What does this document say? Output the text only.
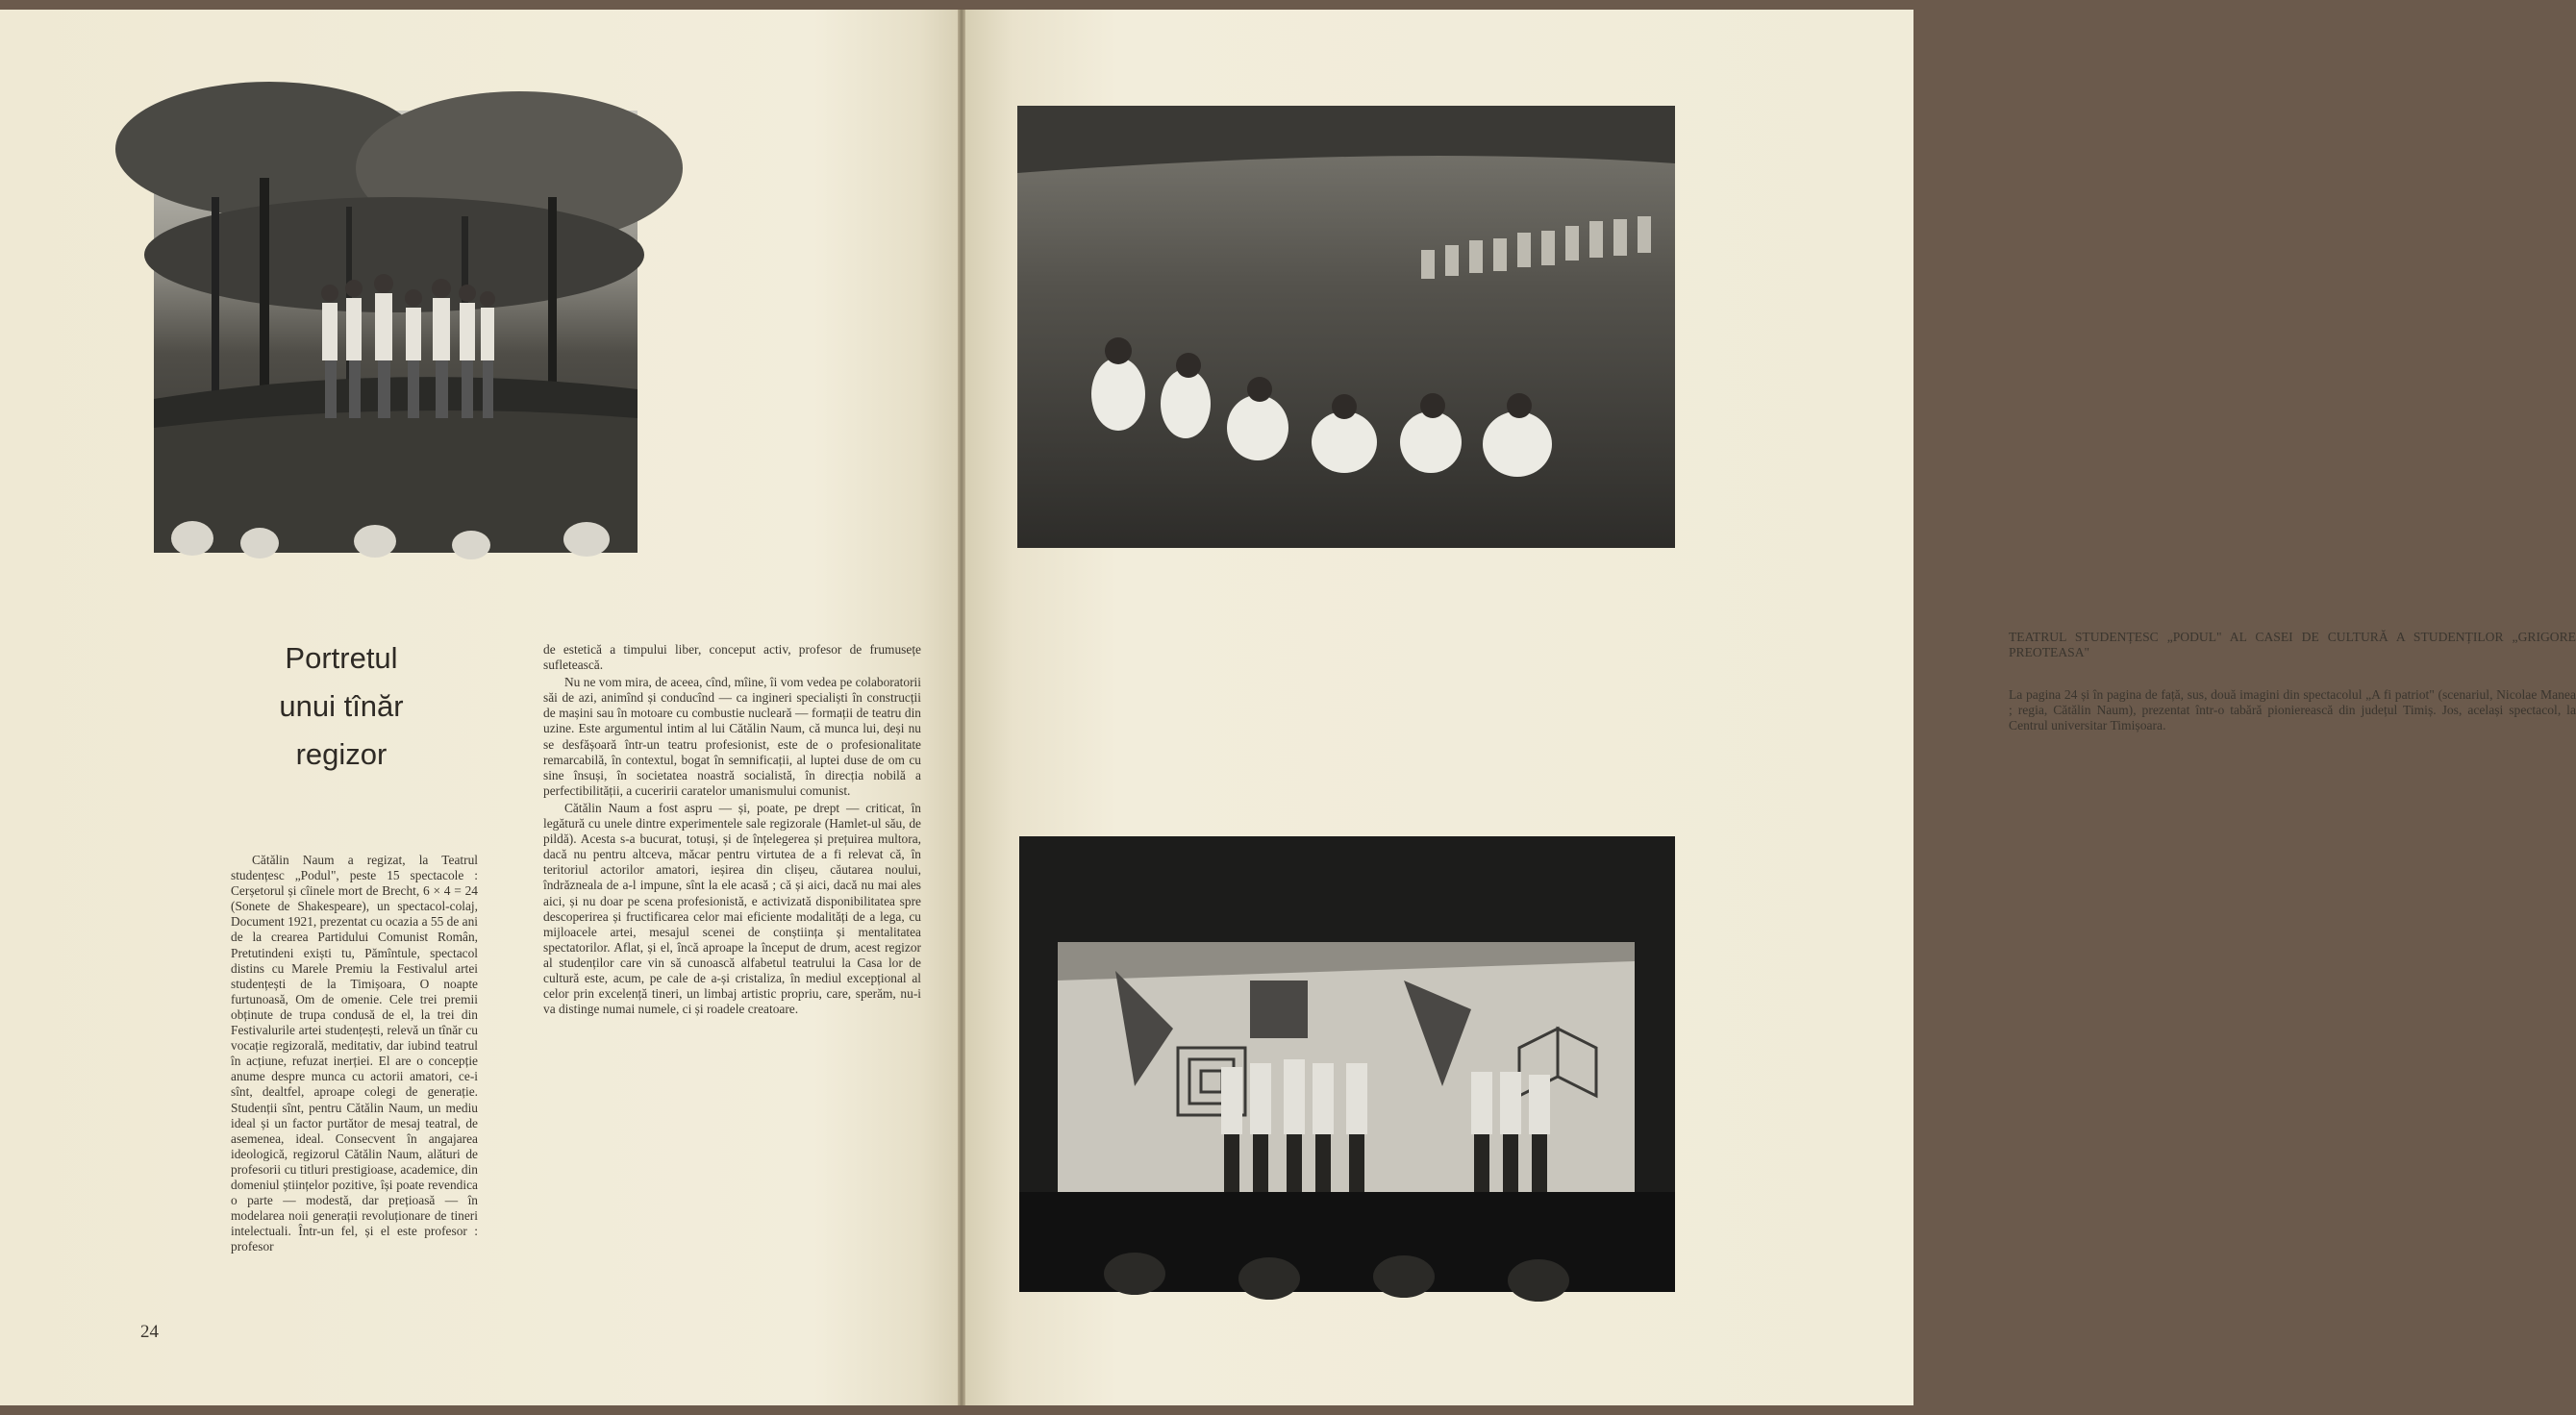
Portretul
unui tînăr
regizor

Cătălin Naum a regizat, la Teatrul studențesc „Podul", peste 15 spectacole : Cerșetorul și cîinele mort de Brecht, 6 × 4 = 24 (Sonete de Shakespeare), un spectacol-colaj, Document 1921, prezentat cu ocazia a 55 de ani de la crearea Partidului Comunist Român, Pretutindeni exiști tu, Pămîntule, spectacol distins cu Marele Premiu la Festivalul artei studențești de la Timișoara, O noapte furtunoasă, Om de omenie. Cele trei premii obținute de trupa condusă de el, la trei din Festivalurile artei studențești, relevă un tînăr cu vocație regizorală, meditativ, dar iubind teatrul în acțiune, refuzat inerției. El are o concepție anume despre munca cu actorii amatori, ce-i sînt, dealtfel, aproape colegi de generație. Studenții sînt, pentru Cătălin Naum, un mediu ideal și un factor purtător de mesaj teatral, de asemenea, ideal. Consecvent în angajarea ideologică, regizorul Cătălin Naum, alături de profesorii cu titluri prestigioase, academice, din domeniul științelor pozitive, își poate revendica o parte — modestă, dar prețioasă — în modelarea noii generații revoluționare de tineri intelectuali. Într-un fel, și el este profesor : profesor

de estetică a timpului liber, conceput activ, profesor de frumusețe sufletească.

Nu ne vom mira, de aceea, cînd, mîine, îi vom vedea pe colaboratorii săi de azi, animînd și conducînd — ca ingineri specialiști în construcții de mașini sau în motoare cu combustie nucleară — formații de teatru din uzine. Este argumentul intim al lui Cătălin Naum, că munca lui, deși nu se desfășoară într-un teatru profesionist, este de o profesionalitate remarcabilă, în contextul, bogat în semnificații, al luptei duse de om cu sine însuși, în societatea noastră socialistă, în direcția nobilă a perfectibilității, a cuceririi caratelor umanismului comunist.

Cătălin Naum a fost aspru — și, poate, pe drept — criticat, în legătură cu unele dintre experimentele sale regizorale (Hamlet-ul său, de pildă). Acesta s-a bucurat, totuși, și de înțelegerea și prețuirea multora, dacă nu pentru altceva, măcar pentru virtutea de a fi relevat că, în teritoriul actorilor amatori, ieșirea din clișeu, căutarea noului, îndrăzneala de a-l impune, sînt la ele acasă ; că și aici, dacă nu mai ales aici, și nu doar pe scena profesionistă, e activizată disponibilitatea spre descoperirea și fructificarea celor mai eficiente modalități de a lega, cu mijloacele artei, mesajul scenei de conștiința și mentalitatea spectatorilor. Aflat, și el, încă aproape la început de drum, acest regizor al studenților care vin să cunoască alfabetul teatrului la Casa lor de cultură este, acum, pe cale de a-și cristaliza, în mediul excepțional al celor prin excelență tineri, un limbaj artistic propriu, care, sperăm, nu-i va distinge numai numele, ci și roadele creatoare.

24
TEATRUL STUDENȚESC „PODUL" AL CASEI DE CULTURĂ A STUDENȚILOR „GRIGORE PREOTEASA"
La pagina 24 și în pagina de față, sus, două imagini din spectacolul „A fi patriot" (scenariul, Nicolae Manea ; regia, Cătălin Naum), prezentat într-o tabără pionierească din județul Timiș. Jos, același spectacol, la Centrul universitar Timișoara.
